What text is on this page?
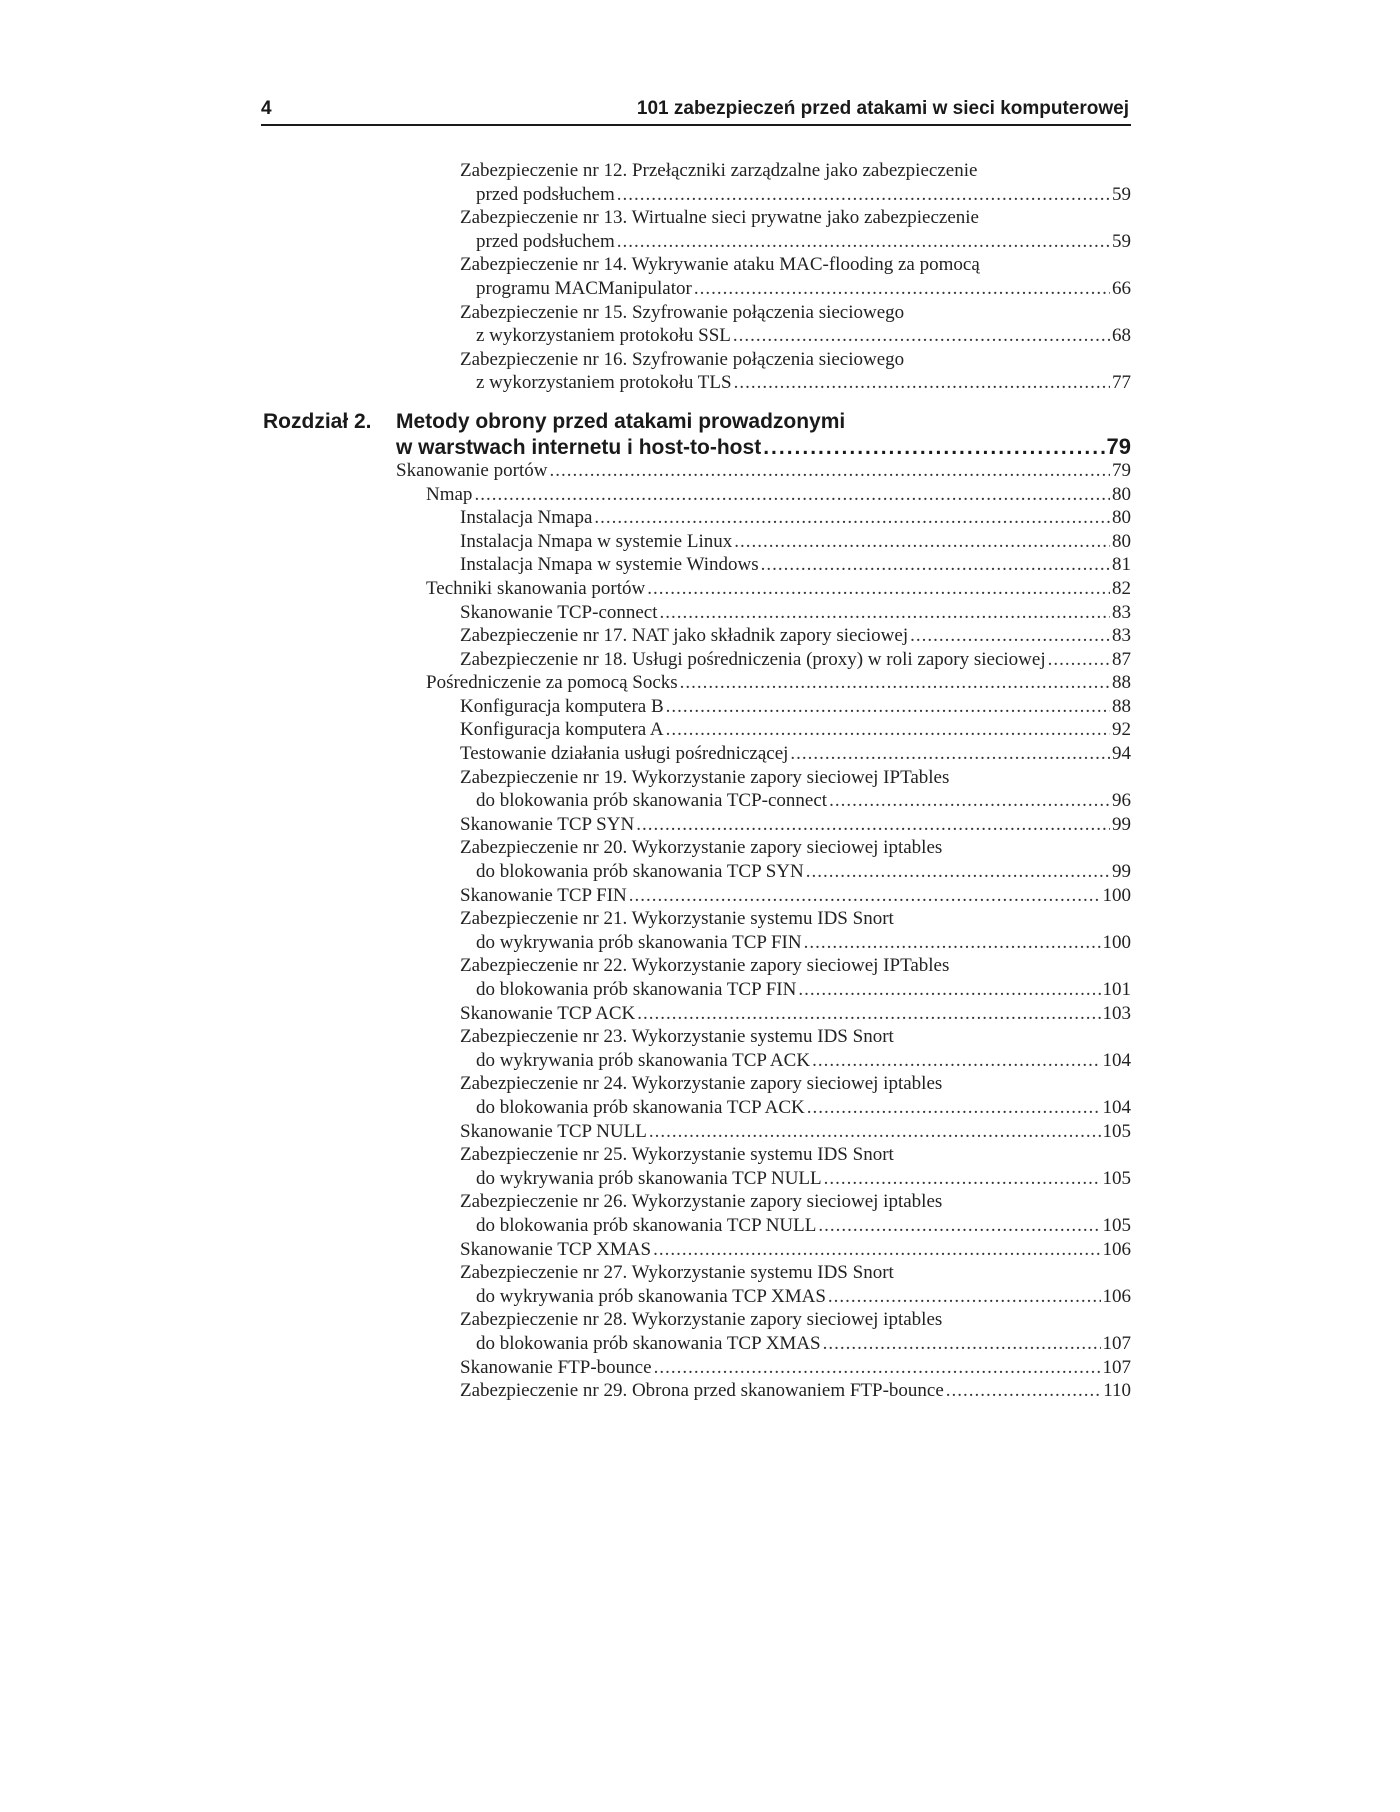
4	101 zabezpieczeń przed atakami w sieci komputerowej
Zabezpieczenie nr 12. Przełączniki zarządzalne jako zabezpieczenie
przed podsłuchem .....	59
Zabezpieczenie nr 13. Wirtualne sieci prywatne jako zabezpieczenie
przed podsłuchem .....	59
Zabezpieczenie nr 14. Wykrywanie ataku MAC-flooding za pomocą
programu MACManipulator .....	66
Zabezpieczenie nr 15. Szyfrowanie połączenia sieciowego
z wykorzystaniem protokołu SSL .....	68
Zabezpieczenie nr 16. Szyfrowanie połączenia sieciowego
z wykorzystaniem protokołu TLS .....	77
Rozdział 2. Metody obrony przed atakami prowadzonymi
w warstwach internetu i host-to-host .....	79
Skanowanie portów .....	79
Nmap .....	80
Instalacja Nmapa .....	80
Instalacja Nmapa w systemie Linux .....	80
Instalacja Nmapa w systemie Windows .....	81
Techniki skanowania portów .....	82
Skanowanie TCP-connect .....	83
Zabezpieczenie nr 17. NAT jako składnik zapory sieciowej .....	83
Zabezpieczenie nr 18. Usługi pośredniczenia (proxy) w roli zapory sieciowej .....	87
Pośredniczenie za pomocą Socks .....	88
Konfiguracja komputera B .....	88
Konfiguracja komputera A .....	92
Testowanie działania usługi pośredniczącej .....	94
Zabezpieczenie nr 19. Wykorzystanie zapory sieciowej IPTables
do blokowania prób skanowania TCP-connect .....	96
Skanowanie TCP SYN .....	99
Zabezpieczenie nr 20. Wykorzystanie zapory sieciowej iptables
do blokowania prób skanowania TCP SYN .....	99
Skanowanie TCP FIN .....	100
Zabezpieczenie nr 21. Wykorzystanie systemu IDS Snort
do wykrywania prób skanowania TCP FIN .....	100
Zabezpieczenie nr 22. Wykorzystanie zapory sieciowej IPTables
do blokowania prób skanowania TCP FIN .....	101
Skanowanie TCP ACK .....	103
Zabezpieczenie nr 23. Wykorzystanie systemu IDS Snort
do wykrywania prób skanowania TCP ACK .....	104
Zabezpieczenie nr 24. Wykorzystanie zapory sieciowej iptables
do blokowania prób skanowania TCP ACK .....	104
Skanowanie TCP NULL .....	105
Zabezpieczenie nr 25. Wykorzystanie systemu IDS Snort
do wykrywania prób skanowania TCP NULL .....	105
Zabezpieczenie nr 26. Wykorzystanie zapory sieciowej iptables
do blokowania prób skanowania TCP NULL .....	105
Skanowanie TCP XMAS .....	106
Zabezpieczenie nr 27. Wykorzystanie systemu IDS Snort
do wykrywania prób skanowania TCP XMAS .....	106
Zabezpieczenie nr 28. Wykorzystanie zapory sieciowej iptables
do blokowania prób skanowania TCP XMAS .....	107
Skanowanie FTP-bounce .....	107
Zabezpieczenie nr 29. Obrona przed skanowaniem FTP-bounce .....	110
